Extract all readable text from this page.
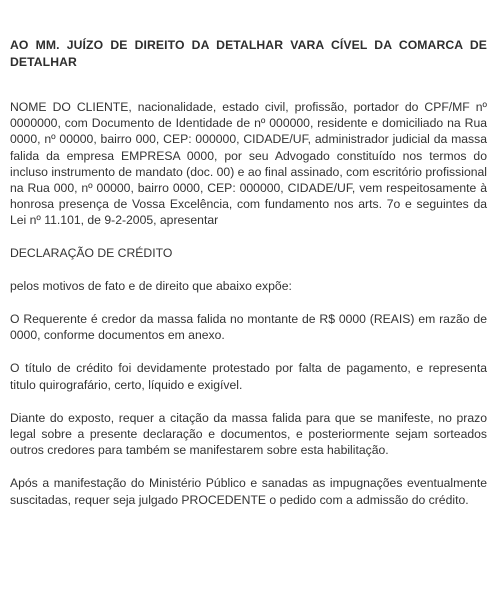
AO MM. JUÍZO DE DIREITO DA DETALHAR VARA CÍVEL DA COMARCA DE DETALHAR

NOME DO CLIENTE, nacionalidade, estado civil, profissão, portador do CPF/MF nº 0000000, com Documento de Identidade de nº 000000, residente e domiciliado na Rua 0000, nº 00000, bairro 000, CEP: 000000, CIDADE/UF, administrador judicial da massa falida da empresa EMPRESA 0000, por seu Advogado constituído nos termos do incluso instrumento de mandato (doc. 00) e ao final assinado, com escritório profissional na Rua 000, nº 00000, bairro 0000, CEP: 000000, CIDADE/UF, vem respeitosamente à honrosa presença de Vossa Excelência, com fundamento nos arts. 7o e seguintes da Lei nº 11.101, de 9-2-2005, apresentar

DECLARAÇÃO DE CRÉDITO

pelos motivos de fato e de direito que abaixo expõe:

O Requerente é credor da massa falida no montante de R$ 0000 (REAIS) em razão de 0000, conforme documentos em anexo.

O título de crédito foi devidamente protestado por falta de pagamento, e representa titulo quirografário, certo, líquido e exigível.

Diante do exposto, requer a citação da massa falida para que se manifeste, no prazo legal sobre a presente declaração e documentos, e posteriormente sejam sorteados outros credores para também se manifestarem sobre esta habilitação.

Após a manifestação do Ministério Público e sanadas as impugnações eventualmente suscitadas, requer seja julgado PROCEDENTE o pedido com a admissão do crédito.
